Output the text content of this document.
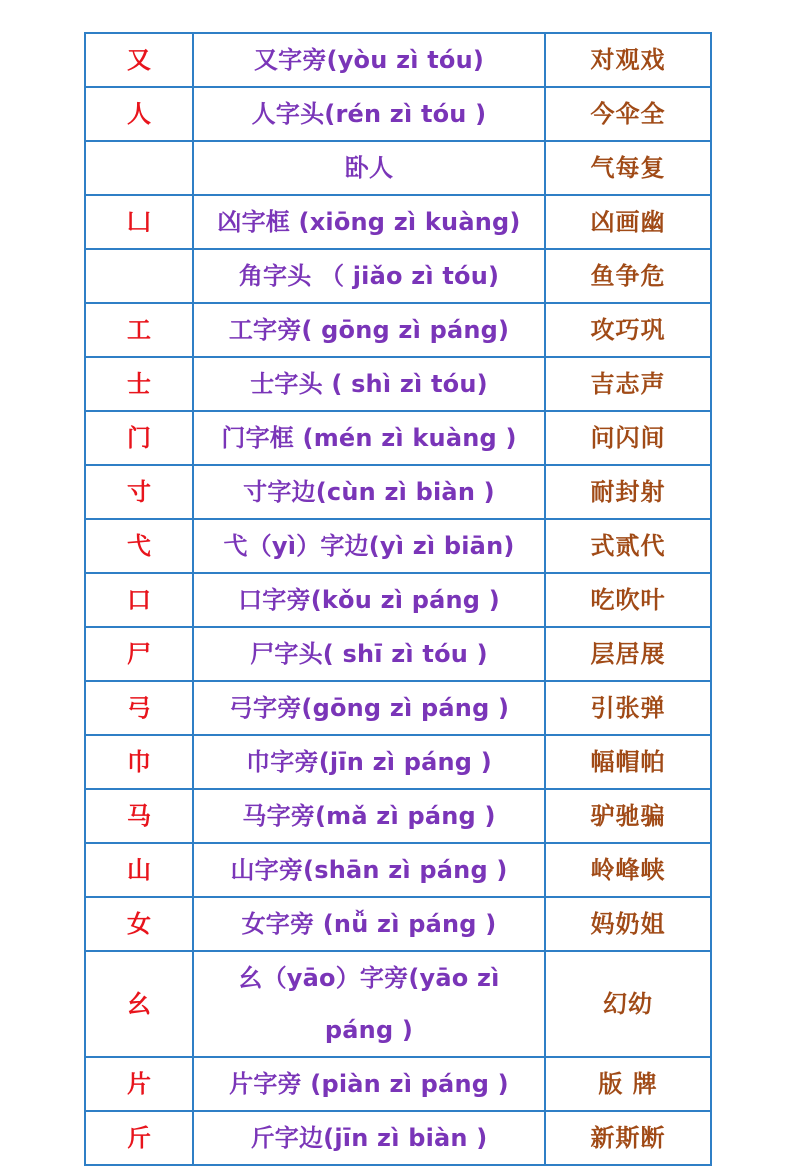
又	又字旁(yòu zì tóu)	对观戏
人	人字头(rén zì tóu )	今伞全
	卧人	气每复
凵	凶字框 (xiōng zì kuàng)	凶画幽
	角字头 （ jiǎo zì tóu)	鱼争危
工	工字旁( gōng zì páng)	攻巧巩
士	士字头 ( shì zì tóu)	吉志声
门	门字框 (mén zì kuàng )	问闪间
寸	寸字边(cùn zì biàn )	耐封射
弋	弋（yì）字边(yì zì biān)	式贰代
口	口字旁(kǒu zì páng )	吃吹叶
尸	尸字头( shī zì tóu )	层居展
弓	弓字旁(gōng zì páng )	引张弹
巾	巾字旁(jīn zì páng )	幅帽帕
马	马字旁(mǎ zì páng )	驴驰骗
山	山字旁(shān zì páng )	岭峰峡
女	女字旁 (nǚ zì páng )	妈奶姐
幺	幺（yāo）字旁(yāo zì páng )	幻幼
片	片字旁 (piàn zì páng )	版 牌
斤	斤字边(jīn zì biàn )	新斯断
